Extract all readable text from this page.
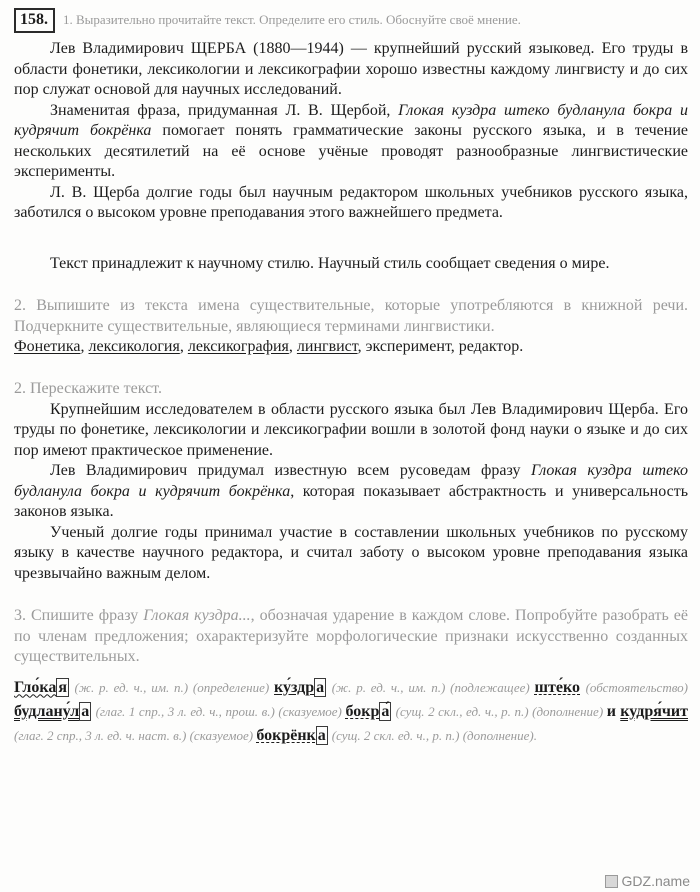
158.	1. Выразительно прочитайте текст. Определите его стиль. Обоснуйте своё мнение.

Лев Владимирович ЩЕРБА (1880—1944) — крупнейший русский языковед. Его труды в области фонетики, лексикологии и лексикографии хорошо известны каждому лингвисту и до сих пор служат основой для научных исследований.

Знаменитая фраза, придуманная Л. В. Щербой, Глокая куздра штеко будланула бокра и кудрячит бокрёнка помогает понять грамматические законы русского языка, и в течение нескольких десятилетий на её основе учёные проводят разнообразные лингвистические эксперименты.

Л. В. Щерба долгие годы был научным редактором школьных учебников русского языка, заботился о высоком уровне преподавания этого важнейшего предмета.

Текст принадлежит к научному стилю. Научный стиль сообщает сведения о мире.

2. Выпишите из текста имена существительные, которые употребляются в книжной речи. Подчеркните существительные, являющиеся терминами лингвистики.

Фонетика, лексикология, лексикография, лингвист, эксперимент, редактор.

2. Перескажите текст.

Крупнейшим исследователем в области русского языка был Лев Владимирович Щерба. Его труды по фонетике, лексикологии и лексикографии вошли в золотой фонд науки о языке и до сих пор имеют практическое применение.

Лев Владимирович придумал известную всем русоведам фразу Глокая куздра штеко будланула бокра и кудрячит бокрёнка, которая показывает абстрактность и универсальность законов языка.

Ученый долгие годы принимал участие в составлении школьных учебников по русскому языку в качестве научного редактора, и считал заботу о высоком уровне преподавания языка чрезвычайно важным делом.

3. Спишите фразу Глокая куздра..., обозначая ударение в каждом слове. Попробуйте разобрать её по членам предложения; охарактеризуйте морфологические признаки искусственно созданных существительных.

Гло́ка я (ж. р. ед. ч., им. п.) (определение) ку́здр а (ж. р. ед. ч., им. п.) (подлежащее) ште́ко (обстоятельство) будлану́л а (глаг. 1 спр., 3 л. ед. ч., прош. в.) (сказуемое) бокр а́ (сущ. 2 скл., ед. ч., р. п.) (дополнение) и кудря́чит (глаг. 2 спр., 3 л. ед. ч. наст. в.) (сказуемое) бокрёнк а (сущ. 2 скл. ед. ч., р. п.) (дополнение).

GDZ.name
